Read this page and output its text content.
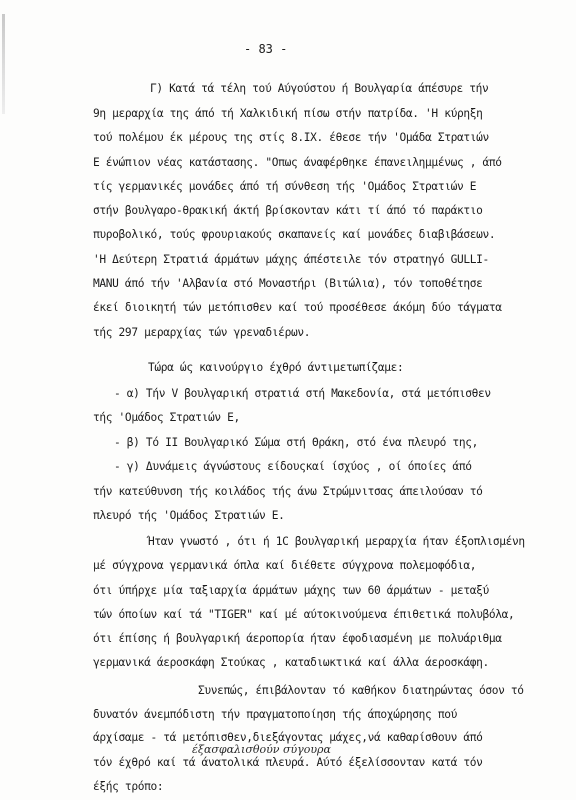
- 83 -
Γ) Κατά τά τέλη τού Αύγούστου ή Βουλγαρία άπέσυρε τήν
9η μεραρχία της άπό τή Χαλκιδική πίσω στήν πατρίδα. 'Η κύρηξη
τού πολέμου έκ μέρους της στίς 8.IX. έθεσε τήν 'Ομάδα Στρατιών
Ε ένώπιον νέας κατάστασης. "Οπως άναφέρθηκε έπανειλημμένως , άπό
τίς γερμανικές μονάδες άπό τή σύνθεση τής 'Ομάδος Στρατιών Ε
στήν βουλγαρο-θρακική άκτή βρίσκονταν κάτι τί άπό τό παράκτιο
πυροβολικό, τούς φρουριακούς σκαπανείς καί μονάδες διαβιβάσεων.
'Η Δεύτερη Στρατιά άρμάτων μάχης άπέστειλε τόν στρατηγό GULLI-
MANU άπό τήν 'Αλβανία στό Μοναστήρι (Βιτώλια), τόν τοποθέτησε
έκεί διοικητή τών μετόπισθεν καί τού προσέθεσε άκόμη δύο τάγματα
τής 297 μεραρχίας τών γρεναδιέρων.
Τώρα ώς καινούργιο έχθρό άντιμετωπίζαμε:
- α) Τήν V βουλγαρική στρατιά στή Μακεδονία, στά μετόπισθεν
τής 'Ομάδος Στρατιών Ε,
- β) Τό ΙΙ Βουλγαρικό Σώμα στή Θράκη, στό ένα πλευρό της,
- γ) Δυνάμεις άγνώστους είδουςκαί ίσχύος , οί όποίες άπό
τήν κατεύθυνση τής κοιλάδος τής άνω Στρώμνιτσας άπειλούσαν τό
πλευρό τής 'Ομάδος Στρατιών Ε.
Ήταν γνωστό , ότι ή 1C βουλγαρική μεραρχία ήταν έξοπλισμένη
μέ σύγχρονα γερμανικά όπλα καί διέθετε σύγχρονα πολεμοφόδια,
ότι ύπήρχε μία ταξιαρχία άρμάτων μάχης των 60 άρμάτων - μεταξύ
τών όποίων καί τά "TIGER" καί μέ αύτοκινούμενα έπιθετικά πολυβόλα,
ότι έπίσης ή βουλγαρική άεροπορία ήταν έφοδιασμένη με πολυάριθμα
γερμανικά άεροσκάφη Στούκας , καταδιωκτικά καί άλλα άεροσκάφη.
Συνεπώς, έπιβάλονταν τό καθήκον διατηρώντας όσον τό
δυνατόν άνεμπόδιστη τήν πραγματοποίηση τής άποχώρησης πού
άρχίσαμε - τά μετόπισθεν,διεξάγοντας μάχες,νά καθαρίσθουν άπό
έξασφαλισθούν σύγουρα
τόν έχθρό καί τά άνατολικά πλευρά. Αύτό έξελίσσονταν κατά τόν
έξής τρόπο:
